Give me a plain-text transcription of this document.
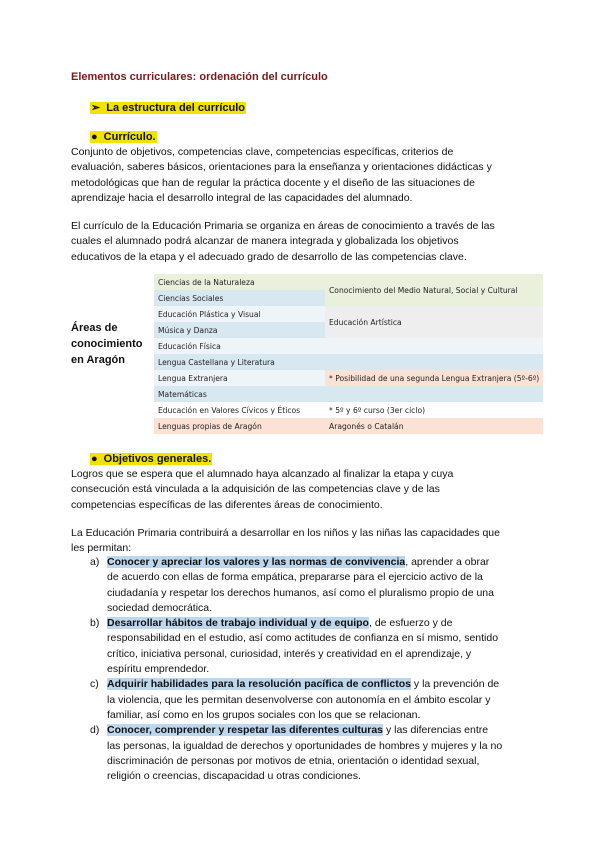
Elementos curriculares: ordenación del currículo
➢ La estructura del currículo
● Currículo.
Conjunto de objetivos, competencias clave, competencias específicas, criterios de
evaluación, saberes básicos, orientaciones para la enseñanza y orientaciones didácticas y
metodológicas que han de regular la práctica docente y el diseño de las situaciones de
aprendizaje hacia el desarrollo integral de las capacidades del alumnado.
El currículo de la Educación Primaria se organiza en áreas de conocimiento a través de las
cuales el alumnado podrá alcanzar de manera integrada y globalizada los objetivos
educativos de la etapa y el adecuado grado de desarrollo de las competencias clave.
Áreas de
conocimiento
en Aragón
Ciencias de la Naturaleza	Conocimiento del Medio Natural, Social y Cultural
Ciencias Sociales	
Educación Plástica y Visual	Educación Artística
Música y Danza	
Educación Física	
Lengua Castellana y Literatura	
Lengua Extranjera	* Posibilidad de una segunda Lengua Extranjera (5º-6º)
Matemáticas	
Educación en Valores Cívicos y Éticos	* 5º y 6º curso (3er ciclo)
Lenguas propias de Aragón	Aragonés o Catalán
● Objetivos generales.
Logros que se espera que el alumnado haya alcanzado al finalizar la etapa y cuya
consecución está vinculada a la adquisición de las competencias clave y de las
competencias específicas de las diferentes áreas de conocimiento.
La Educación Primaria contribuirá a desarrollar en los niños y las niñas las capacidades que
les permitan:
a) Conocer y apreciar los valores y las normas de convivencia, aprender a obrar
de acuerdo con ellas de forma empática, prepararse para el ejercicio activo de la
ciudadanía y respetar los derechos humanos, así como el pluralismo propio de una
sociedad democrática.
b) Desarrollar hábitos de trabajo individual y de equipo, de esfuerzo y de
responsabilidad en el estudio, así como actitudes de confianza en sí mismo, sentido
crítico, iniciativa personal, curiosidad, interés y creatividad en el aprendizaje, y
espíritu emprendedor.
c) Adquirir habilidades para la resolución pacífica de conflictos y la prevención de
la violencia, que les permitan desenvolverse con autonomía en el ámbito escolar y
familiar, así como en los grupos sociales con los que se relacionan.
d) Conocer, comprender y respetar las diferentes culturas y las diferencias entre
las personas, la igualdad de derechos y oportunidades de hombres y mujeres y la no
discriminación de personas por motivos de etnia, orientación o identidad sexual,
religión o creencias, discapacidad u otras condiciones.
